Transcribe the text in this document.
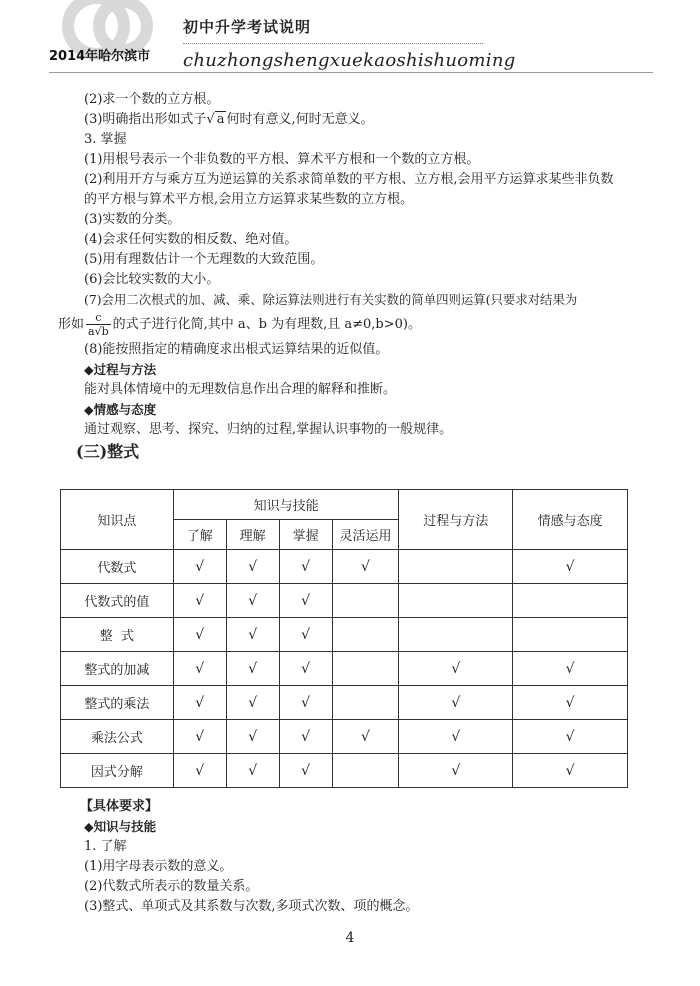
初中升学考试说明
2014年哈尔滨市 chuzhongshengxuekaoshishuoming
(2)求一个数的立方根。
(3)明确指出形如式子√ a 何时有意义,何时无意义。
3. 掌握
(1)用根号表示一个非负数的平方根、算术平方根和一个数的立方根。
(2)利用开方与乘方互为逆运算的关系求简单数的平方根、立方根,会用平方运算求某些非负数的平方根与算术平方根,会用立方运算求某些数的立方根。
(3)实数的分类。
(4)会求任何实数的相反数、绝对值。
(5)用有理数估计一个无理数的大致范围。
(6)会比较实数的大小。
(7)会用二次根式的加、减、乘、除运算法则进行有关实数的简单四则运算(只要求对结果为
形如 $\frac{c}{a√b}$ 的式子进行化简,其中 a、b 为有理数,且 a≠0,b>0)。
(8)能按照指定的精确度求出根式运算结果的近似值。
◆过程与方法
能对具体情境中的无理数信息作出合理的解释和推断。
◆情感与态度
通过观察、思考、探究、归纳的过程,掌握认识事物的一般规律。
(三)整式
知识点	知识与技能				过程与方法	情感与态度
	了解	理解	掌握	灵活运用		
代数式	√	√	√	√		√
代数式的值	√	√	√			
整  式	√	√	√			
整式的加减	√	√	√		√	√
整式的乘法	√	√	√		√	√
乘法公式	√	√	√	√	√	√
因式分解	√	√	√		√	√
【具体要求】
◆知识与技能
1. 了解
(1)用字母表示数的意义。
(2)代数式所表示的数量关系。
(3)整式、单项式及其系数与次数,多项式次数、项的概念。
4
